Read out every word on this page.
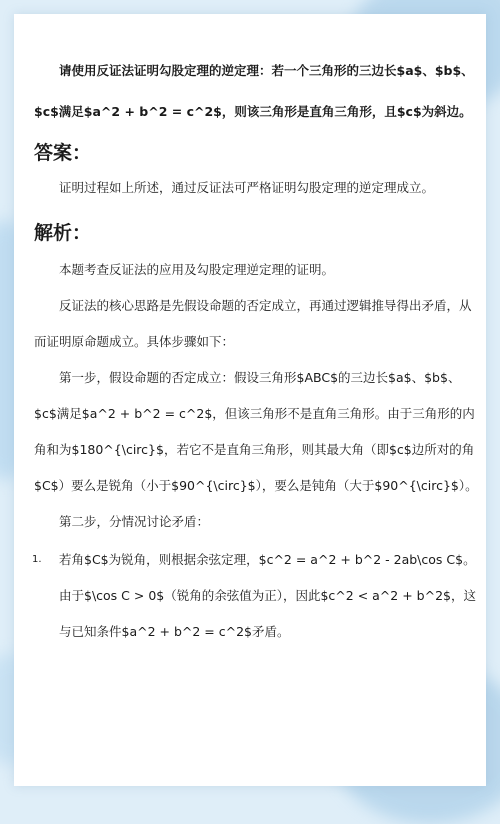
请使用反证法证明勾股定理的逆定理：若一个三角形的三边长$a$、$b$、$c$满足$a^2 + b^2 = c^2$，则该三角形是直角三角形，且$c$为斜边。
答案：

证明过程如上所述，通过反证法可严格证明勾股定理的逆定理成立。

解析：

本题考查反证法的应用及勾股定理逆定理的证明。

反证法的核心思路是先假设命题的否定成立，再通过逻辑推导得出矛盾，从而证明原命题成立。具体步骤如下：

第一步，假设命题的否定成立：假设三角形$ABC$的三边长$a$、$b$、$c$满足$a^2 + b^2 = c^2$，但该三角形不是直角三角形。由于三角形的内角和为$180^{\circ}$，若它不是直角三角形，则其最大角（即$c$边所对的角$C$）要么是锐角（小于$90^{\circ}$），要么是钝角（大于$90^{\circ}$）。

第二步，分情况讨论矛盾：

1. 若角$C$为锐角，则根据余弦定理，$c^2 = a^2 + b^2 - 2ab\cos C$。由于$\cos C > 0$（锐角的余弦值为正），因此$c^2 < a^2 + b^2$，这与已知条件$a^2 + b^2 = c^2$矛盾。
